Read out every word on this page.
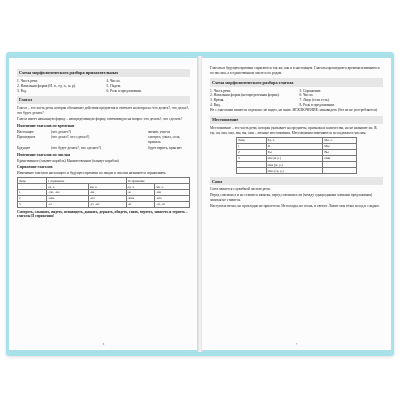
Схема морфологического разбора прилагательных
1. Часть речи.	4. Число.
2. Начальная форма (И. п., ед. ч., м. р).	5. Падеж.
3. Род.	6. Роль в предложении.
Глагол
Глагол – это часть речи, которая обозначает действия предметов и отвечает на вопросы: что делать?, что делал?, что будет делать?
Глагол имеет начальную форму – неопределенную форму, отвечающую на вопрос что делать?, что сделать?
Изменение глаголов по временам
Настоящее	(что делает?)	звенит, учится
Прошедшее	(что делал?, что сделал?)	смотрел, узнал, сола, прилала
Будущее	(что будет делать?, что сделает?)	будет верить, прыгнет
Изменение глаголов по числам
Единственное (плывет корабль) Множественное (плывут корабли)
Спряжение глаголов
Изменение глаголов настоящего и будущего времени по лицам и числам называется спряжением.
Лицо	I спряжение		II спряжение	
	ед. ч.	мн. ч.	ед. ч.	мн. ч.
1	-ую, -аю	-ем	-ю	-им
2	-ешь	-ете	-ишь	-ите
3	-ет	-ут, -ют	-ит	-ат, -ят
Смотреть, слышать, видеть, ненавидеть, дышать, держать, обидеть, гнать, вертеть, зависеть и терпеть – глаголы II спряжения!
6
Глаголы в будущем времени спрягаются так же, как и в настоящем. Глаголы прошедшего времени изменяются по числам, а в единственном числе и по родам.
Схема морфологического разбора глагола
1. Часть речи.	5. Спряжение.
2. Начальная форма (неопределенная форма).	6. Число.
3. Время.	7. Лицо (если есть).
4. Вид.	8. Роль в предложении.
Не с глаголами пишется отдельно: не видел, не знаю. ИСКЛЮЧЕНИЕ: ненавидеть (без не не употребляется).
Местоимение
Местоимение – это часть речи, которая указывает на предметы, признаки и количества, но не называет их. Я, ты, он, она, оно, мы, вы, они – личные местоимения. Местоимения изменяются по падежам и числам.
Лицо	Ед. ч.	Мн. ч.
1	Я	Мы
2	Ты	Вы
3	Он (м. р.)	Они
	Она (ж. р.)	
	Оно (ср. р.)	
Союз
Союз является служебной частью речи.
Перед союзами а и но ставится запятая, перед союзами и ли (между однородными членами предложения) запятая не ставится.
Наступила весна, но прохладно не прилетели. Не походы, не огонь, и светит. Ложит моя тёзка холод и сладкое.
7
